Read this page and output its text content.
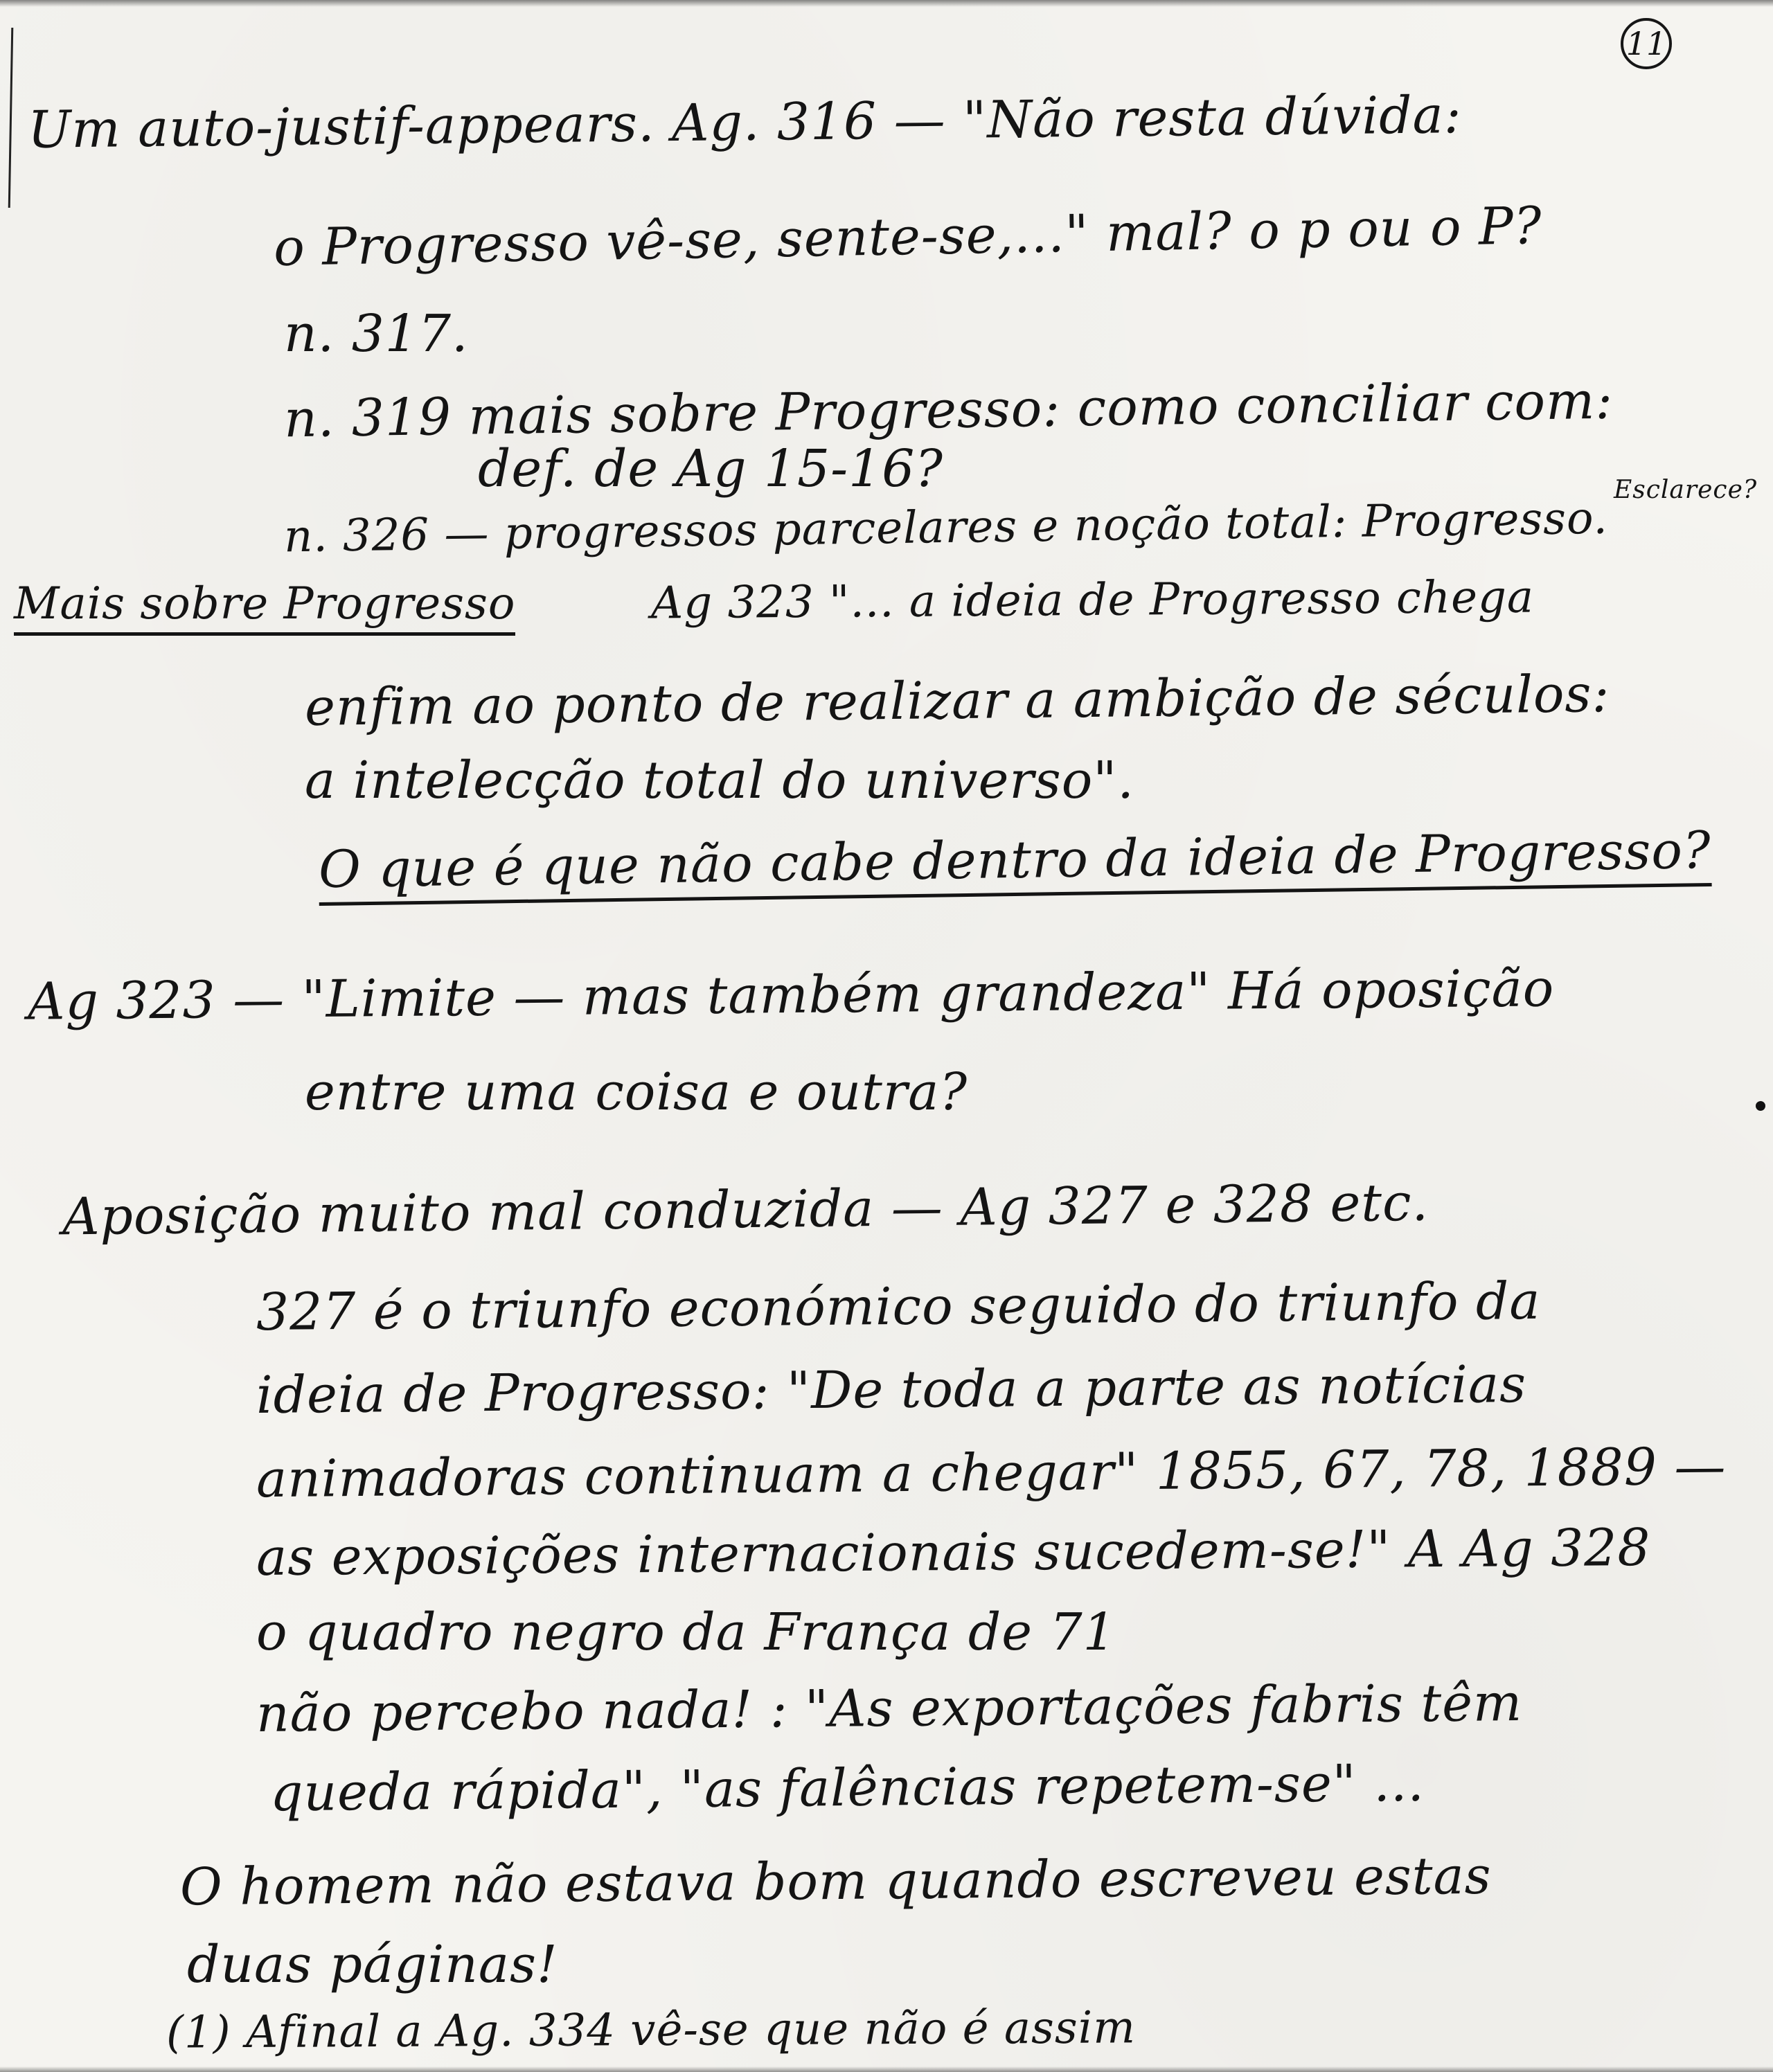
11
Um auto-justif-appears. Ag. 316 — "Não resta dúvida:
o Progresso vê-se, sente-se,..." mal? o p ou o P?
n. 317.
n. 319 mais sobre Progresso: como conciliar com:
def. de Ag 15-16?
n. 326 — progressos parcelares e noção total: Progresso.
Esclarece?
Mais sobre Progresso	Ag 323 "... a ideia de Progresso chega
enfim ao ponto de realizar a ambição de séculos:
a intelecção total do universo".
O que é que não cabe dentro da ideia de Progresso?
Ag 323 — "Limite — mas também grandeza" Há oposição
entre uma coisa e outra?
Aposição muito mal conduzida — Ag 327 e 328 etc.
327 é o triunfo económico seguido do triunfo da
ideia de Progresso: "De toda a parte as notícias
animadoras continuam a chegar" 1855, 67, 78, 1889 —
as exposições internacionais sucedem-se!" A Ag 328
o quadro negro da França de 71
não percebo nada! : "As exportações fabris têm
queda rápida", "as falências repetem-se" ...
O homem não estava bom quando escreveu estas
duas páginas!
(1) Afinal a Ag. 334 vê-se que não é assim
